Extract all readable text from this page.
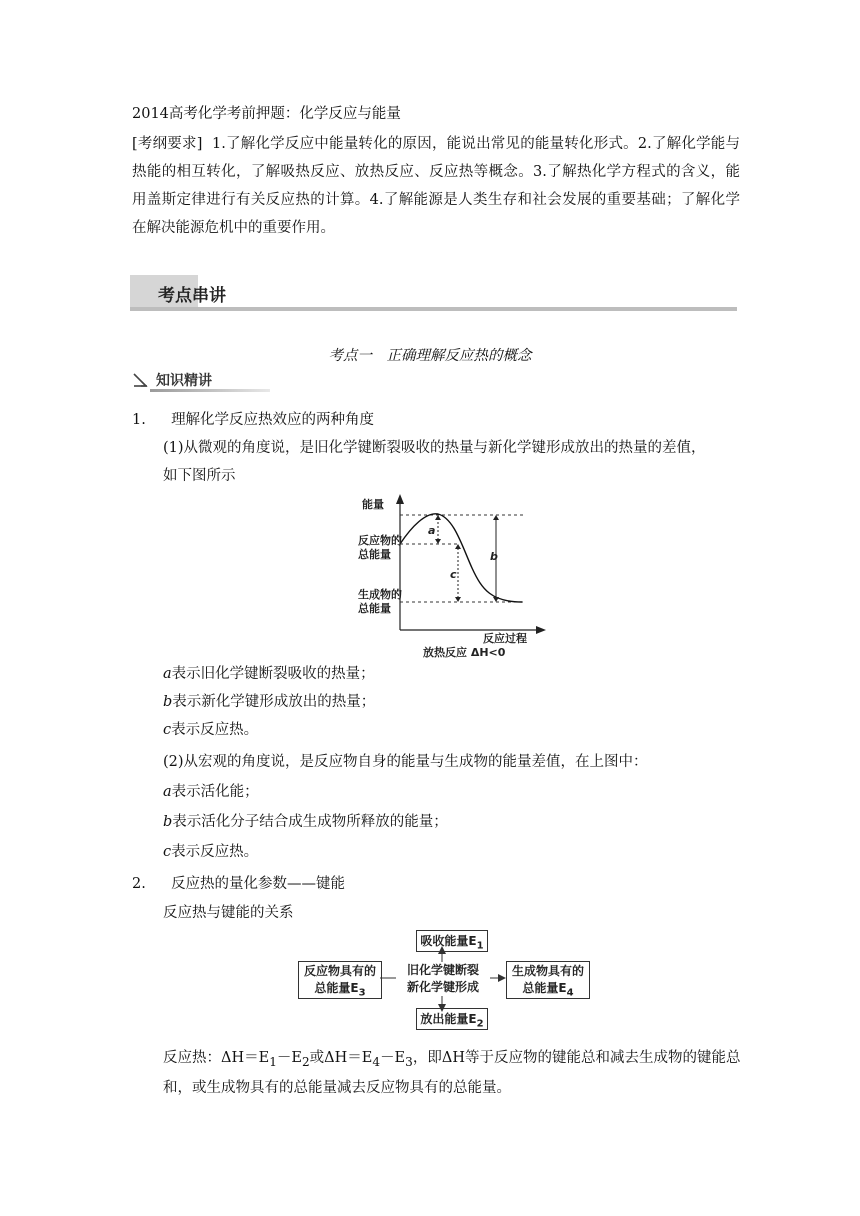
2014高考化学考前押题：化学反应与能量
[考纲要求] 1.了解化学反应中能量转化的原因，能说出常见的能量转化形式。2.了解化学能与热能的相互转化，了解吸热反应、放热反应、反应热等概念。3.了解热化学方程式的含义，能用盖斯定律进行有关反应热的计算。4.了解能源是人类生存和社会发展的重要基础；了解化学在解决能源危机中的重要作用。
考点串讲
考点一　正确理解反应热的概念
知识精讲
1. 理解化学反应热效应的两种角度
(1)从微观的角度说，是旧化学键断裂吸收的热量与新化学键形成放出的热量的差值，
如下图所示
能量
反应物的
总能量
生成物的
总能量
a
c
b
反应过程
放热反应 ΔH<0
a表示旧化学键断裂吸收的热量；
b表示新化学键形成放出的热量；
c表示反应热。
(2)从宏观的角度说，是反应物自身的能量与生成物的能量差值，在上图中：
a表示活化能；
b表示活化分子结合成生成物所释放的能量；
c表示反应热。
2. 反应热的量化参数——键能
反应热与键能的关系
吸收能量$E_1$
反应物具有的
总能量$E_3$
旧化学键断裂
新化学键形成
生成物具有的
总能量$E_4$
放出能量$E_2$
反应热：$\Delta H=E_1-E_2$或$\Delta H=E_4-E_3$，即ΔH等于反应物的键能总和减去生成物的键能总
和，或生成物具有的总能量减去反应物具有的总能量。
